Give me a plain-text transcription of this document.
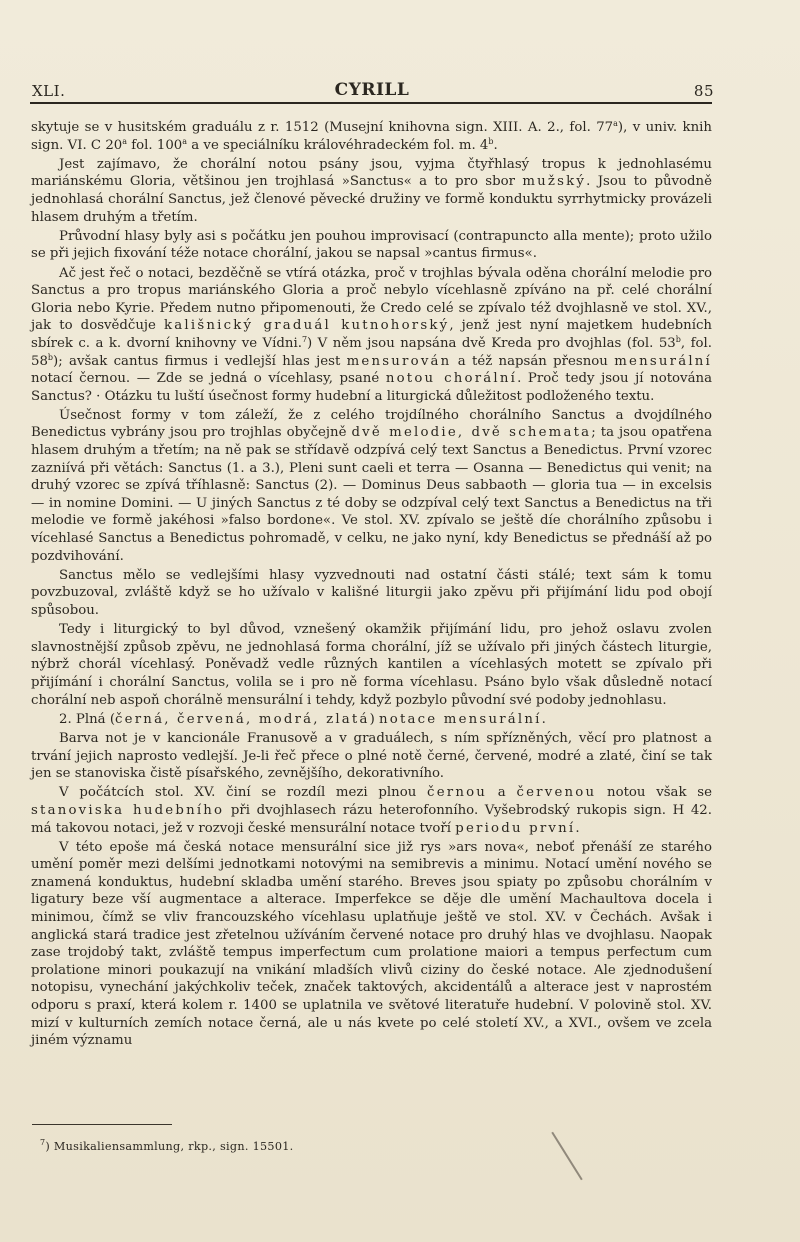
XLI.	CYRILL	85

skytuje se v husitském graduálu z r. 1512 (Musejní knihovna sign. XIII. A. 2., fol. 77$^a$), v univ. knih sign. VI. C 20$^a$ fol. 100$^a$ a ve speciálníku královéhradeckém fol. m. 4$^b$.

Jest zajímavo, že chorální notou psány jsou, vyjma čtyřhlasý tropus k jednohlasému mariánskému Gloria, většinou jen trojhlasá »Sanctus« a to pro sbor mužský. Jsou to původně jednohlasá chorální Sanctus, jež členové pěvecké družiny ve formě konduktu syrrhytmicky provázeli hlasem druhým a třetím.

Průvodní hlasy byly asi s počátku jen pouhou improvisací (contrapuncto alla mente); proto užilo se při jejich fixování téže notace chorální, jakou se napsal »cantus firmus«.

Ač jest řeč o notaci, bezděčně se vtírá otázka, proč v trojhlas bývala oděna chorální melodie pro Sanctus a pro tropus mariánského Gloria a proč nebylo vícehlasně zpíváno na př. celé chorální Gloria nebo Kyrie. Předem nutno připomenouti, že Credo celé se zpívalo též dvojhlasně ve stol. XV., jak to dosvědčuje kališnický graduál kutnohorský, jenž jest nyní majetkem hudebních sbírek c. a k. dvorní knihovny ve Vídni.$^7$) V něm jsou napsána dvě Kreda pro dvojhlas (fol. 53$^b$, fol. 58$^b$); avšak cantus firmus i vedlejší hlas jest mensurován a též napsán přesnou mensurální notací černou. — Zde se jedná o vícehlasy, psané notou chorální. Proč tedy jsou jí notována Sanctus? · Otázku tu luští úsečnost formy hudební a liturgická důležitost podloženého textu.

Úsečnost formy v tom záleží, že z celého trojdílného chorálního Sanctus a dvojdílného Benedictus vybrány jsou pro trojhlas obyčejně dvě melodie, dvě schemata; ta jsou opatřena hlasem druhým a třetím; na ně pak se střídavě odzpívá celý text Sanctus a Benedictus. První vzorec zazniívá při větách: Sanctus (1. a 3.), Pleni sunt caeli et terra — Osanna — Benedictus qui venit; na druhý vzorec se zpívá tříhlasně: Sanctus (2). — Dominus Deus sabbaoth — gloria tua — in excelsis — in nomine Domini. — U jiných Sanctus z té doby se odzpíval celý text Sanctus a Benedictus na tři melodie ve formě jakéhosi »falso bordone«. Ve stol. XV. zpívalo se ještě díe chorálního způsobu i vícehlasé Sanctus a Benedictus pohromadě, v celku, ne jako nyní, kdy Benedictus se přednáší až po pozdvihování.

Sanctus mělo se vedlejšími hlasy vyzvednouti nad ostatní části stálé; text sám k tomu povzbuzoval, zvláště když se ho užívalo v kališné liturgii jako zpěvu při přijímání lidu pod obojí spůsobou.

Tedy i liturgický to byl důvod, vznešený okamžik přijímání lidu, pro jehož oslavu zvolen slavnostnější způsob zpěvu, ne jednohlasá forma chorální, jíž se užívalo při jiných částech liturgie, nýbrž chorál vícehlasý. Poněvadž vedle různých kantilen a vícehlasých motett se zpívalo při přijímání i chorální Sanctus, volila se i pro ně forma vícehlasu. Psáno bylo však důsledně notací chorální neb aspoň chorálně mensurální i tehdy, když pozbylo původní své podoby jednohlasu.

2. Plná (černá, červená, modrá, zlatá) notace mensurální.

Barva not je v kancionále Franusově a v graduálech, s ním spřízněných, věcí pro platnost a trvání jejich naprosto vedlejší. Je-li řeč přece o plné notě černé, červené, modré a zlaté, činí se tak jen se stanoviska čistě písařského, zevnějšího, dekorativního.

V počátcích stol. XV. činí se rozdíl mezi plnou černou a červenou notou však se stanoviska hudebního při dvojhlasech rázu heterofonního. Vyšebrodský rukopis sign. H 42. má takovou notaci, jež v rozvoji české mensurální notace tvoří periodu první.

V této epoše má česká notace mensurální sice již rys »ars nova«, neboť přenáší ze starého umění poměr mezi delšími jednotkami notovými na semibrevis a minimu. Notací umění nového se znamená konduktus, hudební skladba umění starého. Breves jsou spiaty po způsobu chorálním v ligatury beze vší augmentace a alterace. Imperfekce se děje dle umění Machaultova docela i minimou, čímž se vliv francouzského vícehlasu uplatňuje ještě ve stol. XV. v Čechách. Avšak i anglická stará tradice jest zřetelnou užíváním červené notace pro druhý hlas ve dvojhlasu. Naopak zase trojdobý takt, zvláště tempus imperfectum cum prolatione maiori a tempus perfectum cum prolatione minori poukazují na vnikání mladších vlivů ciziny do české notace. Ale zjednodušení notopisu, vynechání jakýchkoliv teček, značek taktových, akcidentálů a alterace jest v naprostém odporu s praxí, která kolem r. 1400 se uplatnila ve světové literatuře hudební. V polovině stol. XV. mizí v kulturních zemích notace černá, ale u nás kvete po celé století XV., a XVI., ovšem ve zcela jiném významu

$^7$) Musikaliensammlung, rkp., sign. 15501.
